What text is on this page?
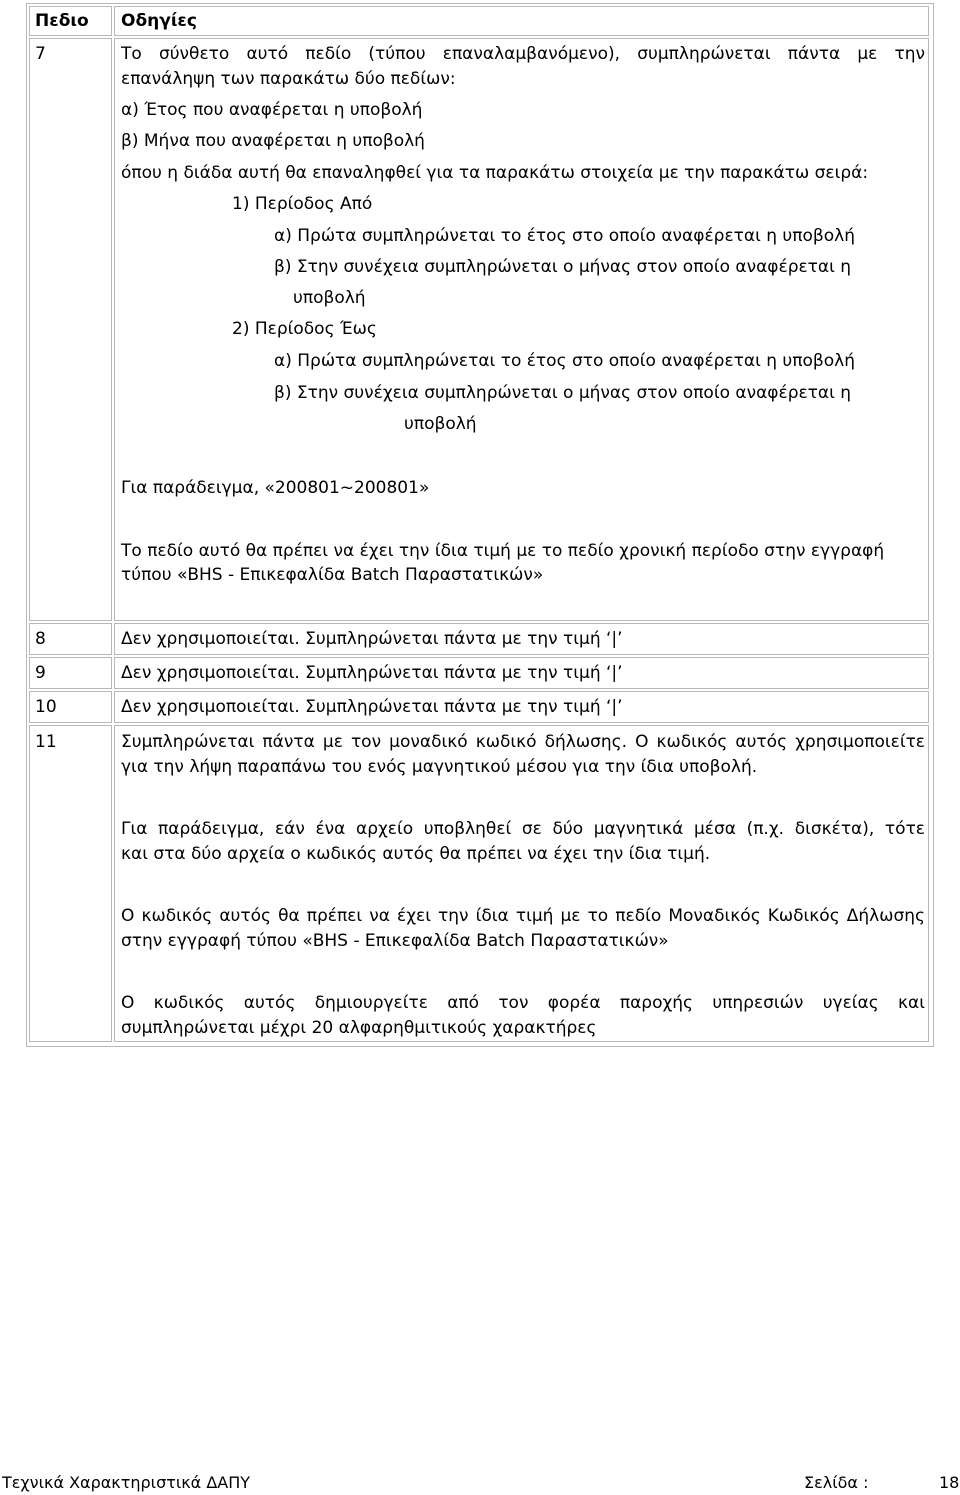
Πεδιο Οδηγίες
7	Το σύνθετο αυτό πεδίο (τύπου επαναλαμβανόμενο), συμπληρώνεται πάντα με την
επανάληψη των παρακάτω δύο πεδίων:
α) Έτος που αναφέρεται η υποβολή
β) Μήνα που αναφέρεται η υποβολή
όπου η διάδα αυτή θα επαναληφθεί για τα παρακάτω στοιχεία με την παρακάτω σειρά:
1) Περίοδος Από
α) Πρώτα συμπληρώνεται το έτος στο οποίο αναφέρεται η υποβολή
β) Στην συνέχεια συμπληρώνεται ο μήνας στον οποίο αναφέρεται η
υποβολή
2) Περίοδος Έως
α) Πρώτα συμπληρώνεται το έτος στο οποίο αναφέρεται η υποβολή
β) Στην συνέχεια συμπληρώνεται ο μήνας στον οποίο αναφέρεται η
υποβολή
Για παράδειγμα, «200801~200801»
Το πεδίο αυτό θα πρέπει να έχει την ίδια τιμή με το πεδίο χρονική περίοδο στην εγγραφή
τύπου «BHS - Επικεφαλίδα Batch Παραστατικών»
8	Δεν χρησιμοποιείται. Συμπληρώνεται πάντα με την τιμή ‘|’
9	Δεν χρησιμοποιείται. Συμπληρώνεται πάντα με την τιμή ‘|’
10	Δεν χρησιμοποιείται. Συμπληρώνεται πάντα με την τιμή ‘|’
11	Συμπληρώνεται πάντα με τον μοναδικό κωδικό δήλωσης. Ο κωδικός αυτός χρησιμοποιείτε
για την λήψη παραπάνω του ενός μαγνητικού μέσου για την ίδια υποβολή.
Για παράδειγμα, εάν ένα αρχείο υποβληθεί σε δύο μαγνητικά μέσα (π.χ. δισκέτα), τότε
και στα δύο αρχεία ο κωδικός αυτός θα πρέπει να έχει την ίδια τιμή.
Ο κωδικός αυτός θα πρέπει να έχει την ίδια τιμή με το πεδίο Μοναδικός Κωδικός Δήλωσης
στην εγγραφή τύπου «BHS - Επικεφαλίδα Batch Παραστατικών»
Ο κωδικός αυτός δημιουργείτε από τον φορέα παροχής υπηρεσιών υγείας και
συμπληρώνεται μέχρι 20 αλφαρηθμιτικούς χαρακτήρες
Τεχνικά Χαρακτηριστικά ΔΑΠΥ	Σελίδα :	18
